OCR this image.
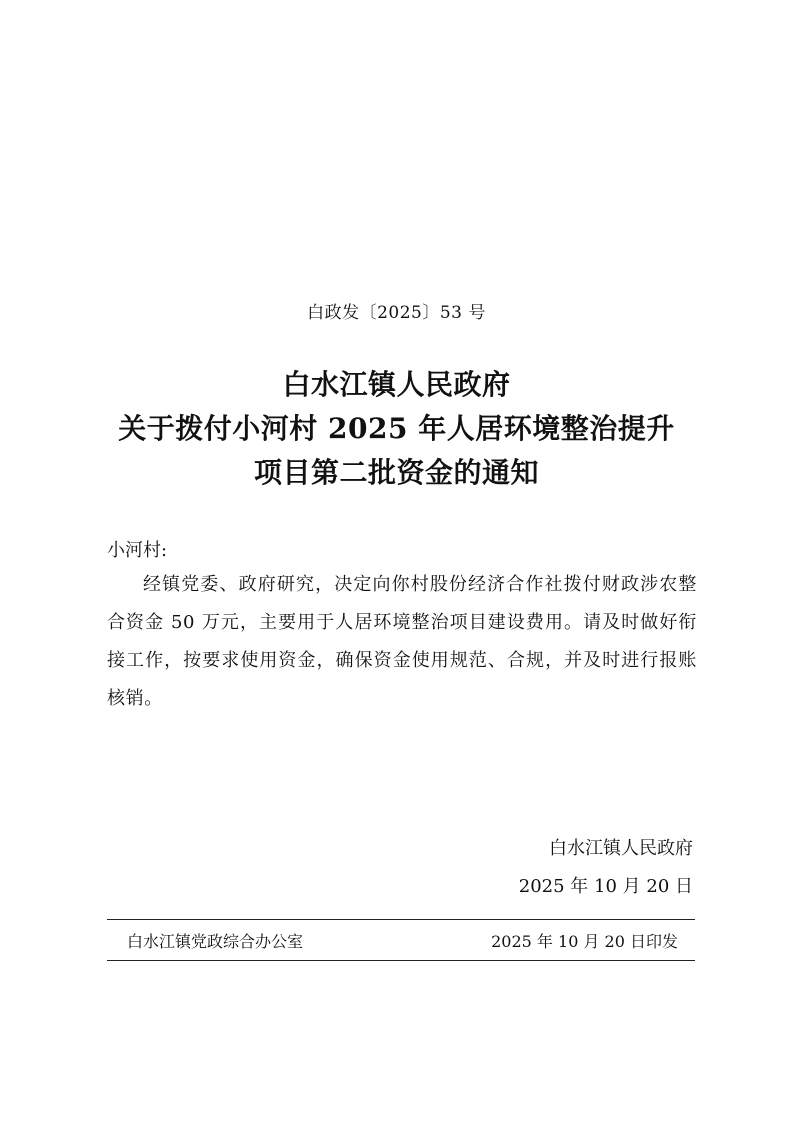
白政发〔2025〕53 号
白水江镇人民政府
关于拨付小河村 2025 年人居环境整治提升
项目第二批资金的通知
小河村:
经镇党委、政府研究，决定向你村股份经济合作社拨付财政涉农整合资金 50 万元，主要用于人居环境整治项目建设费用。请及时做好衔接工作，按要求使用资金，确保资金使用规范、合规，并及时进行报账核销。
白水江镇人民政府
2025 年 10 月 20 日
白水江镇党政综合办公室	2025 年 10 月 20 日印发
